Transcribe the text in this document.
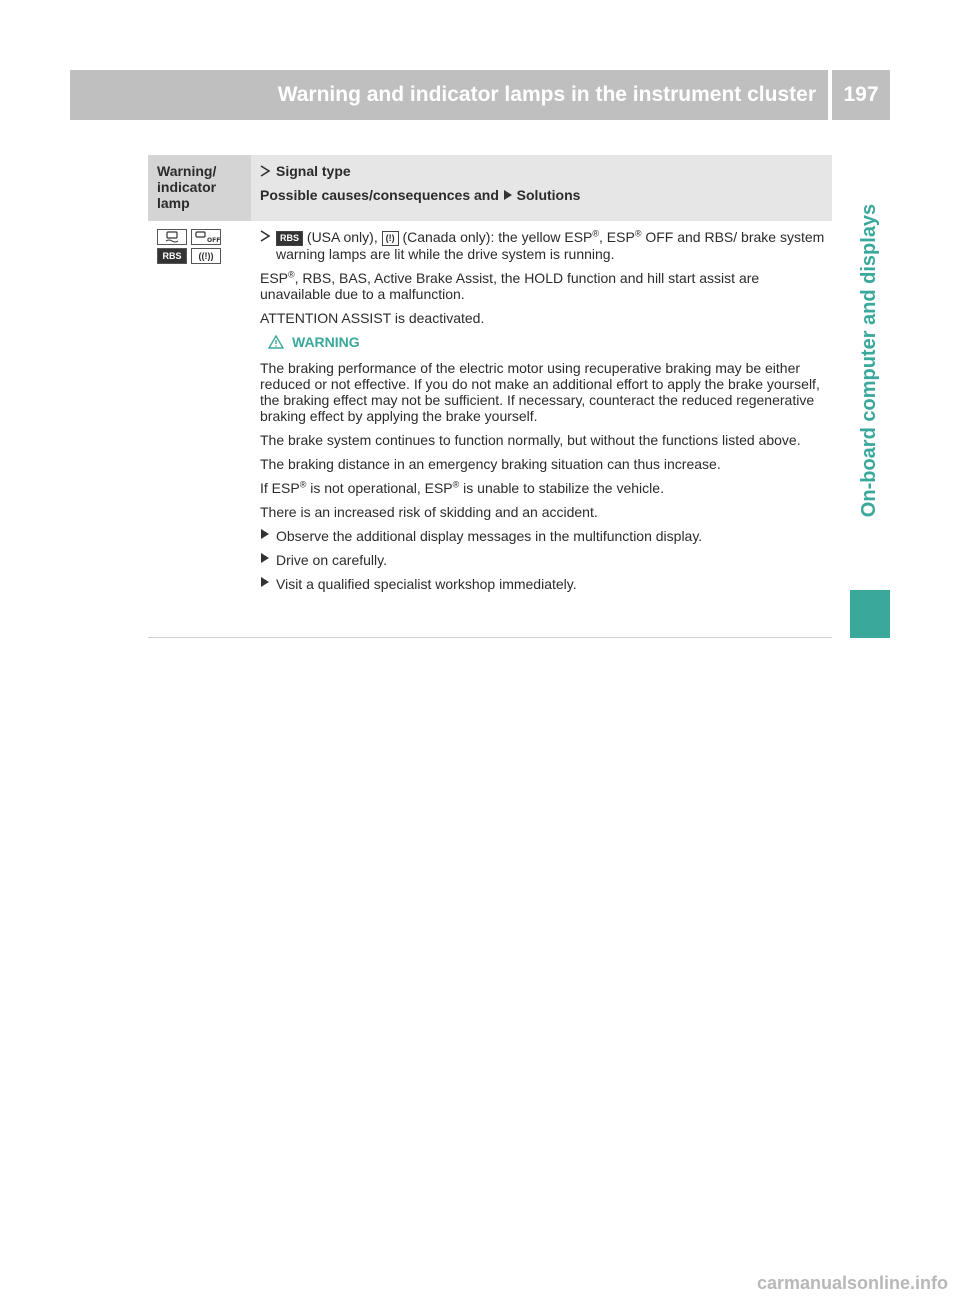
Warning and indicator lamps in the instrument cluster	197
On-board computer and displays
Warning/
indicator
lamp
Signal type
Possible causes/consequences and Solutions
OFF
RBS	((!))

RBS (USA only), (!) (Canada only): the yellow ESP®, ESP® OFF and RBS/ brake system warning lamps are lit while the drive system is running.

ESP®, RBS, BAS, Active Brake Assist, the HOLD function and hill start assist are unavailable due to a malfunction.

ATTENTION ASSIST is deactivated.

WARNING

The braking performance of the electric motor using recuperative braking may be either reduced or not effective. If you do not make an additional effort to apply the brake yourself, the braking effect may not be sufficient. If necessary, counteract the reduced regenerative braking effect by applying the brake yourself.

The brake system continues to function normally, but without the functions listed above.

The braking distance in an emergency braking situation can thus increase.

If ESP® is not operational, ESP® is unable to stabilize the vehicle.

There is an increased risk of skidding and an accident.

Observe the additional display messages in the multifunction display.
Drive on carefully.
Visit a qualified specialist workshop immediately.
carmanualsonline.info
